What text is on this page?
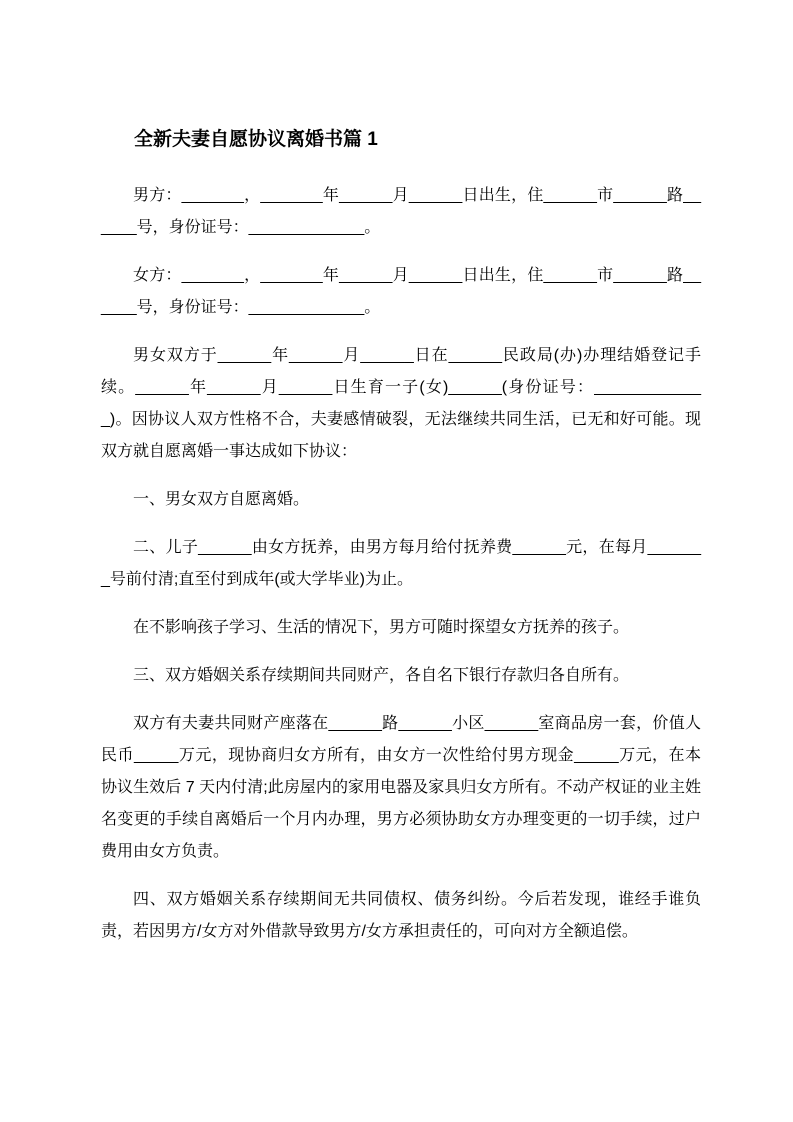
全新夫妻自愿协议离婚书篇 1

男方：_______，_______年______月______日出生，住______市______路______号，身份证号：_____________。

女方：_______，_______年______月______日出生，住______市______路______号，身份证号：_____________。

男女双方于______年______月______日在______民政局(办)办理结婚登记手续。______年______月______日生育一子(女)______(身份证号：_____________)。因协议人双方性格不合，夫妻感情破裂，无法继续共同生活，已无和好可能。现双方就自愿离婚一事达成如下协议：

一、男女双方自愿离婚。

二、儿子______由女方抚养，由男方每月给付抚养费______元，在每月_______号前付清;直至付到成年(或大学毕业)为止。

在不影响孩子学习、生活的情况下，男方可随时探望女方抚养的孩子。

三、双方婚姻关系存续期间共同财产，各自名下银行存款归各自所有。

双方有夫妻共同财产座落在______路______小区______室商品房一套，价值人民币_____万元，现协商归女方所有，由女方一次性给付男方现金_____万元，在本协议生效后 7 天内付清;此房屋内的家用电器及家具归女方所有。不动产权证的业主姓名变更的手续自离婚后一个月内办理，男方必须协助女方办理变更的一切手续，过户费用由女方负责。

四、双方婚姻关系存续期间无共同债权、债务纠纷。今后若发现，谁经手谁负责，若因男方/女方对外借款导致男方/女方承担责任的，可向对方全额追偿。
